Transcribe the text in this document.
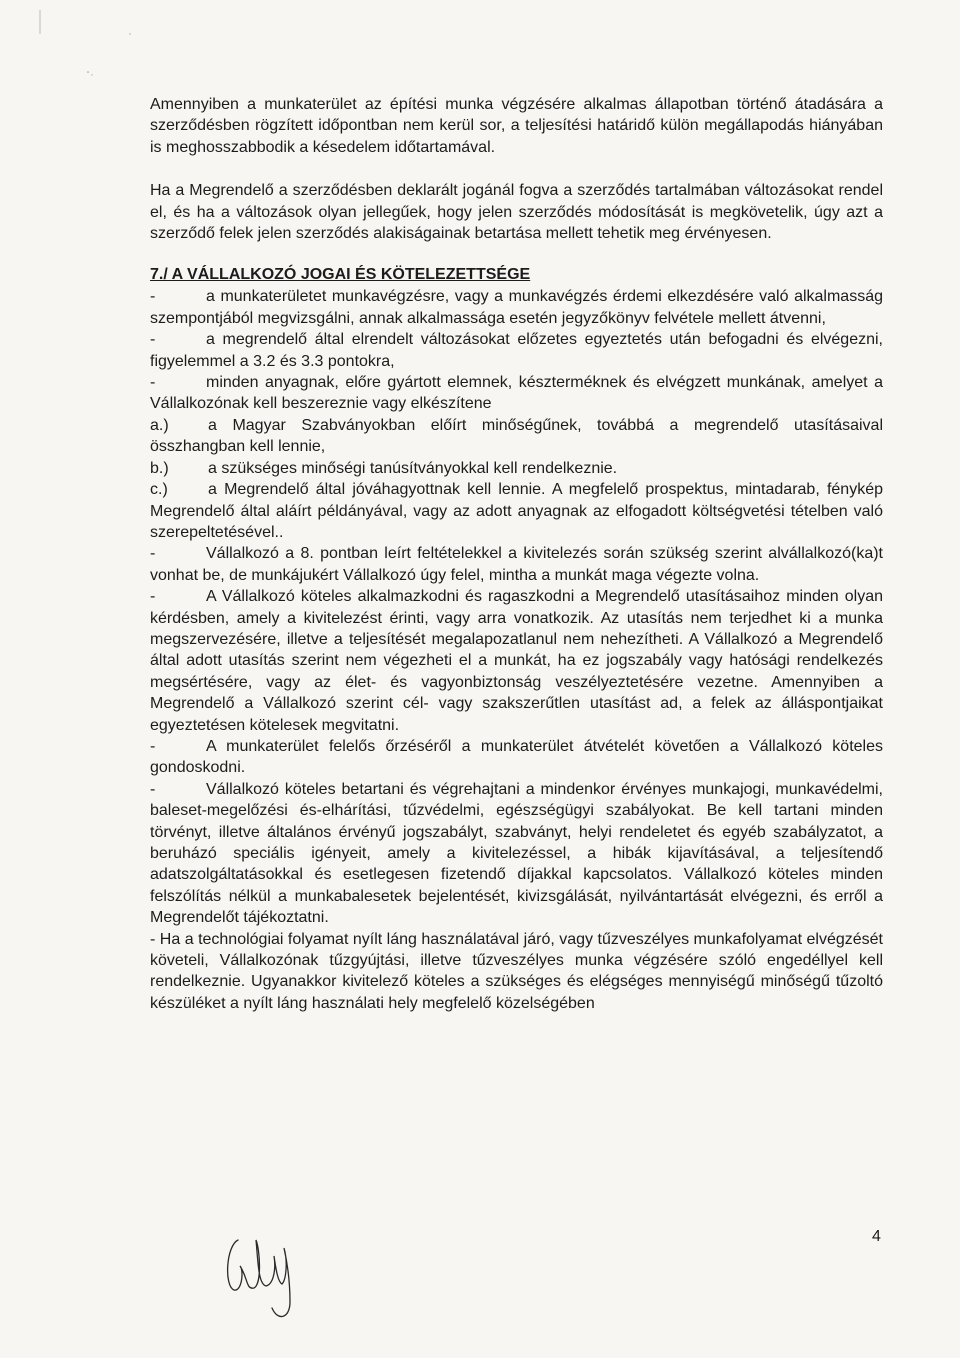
Amennyiben a munkaterület az építési munka végzésére alkalmas állapotban történő átadására a szerződésben rögzített időpontban nem kerül sor, a teljesítési határidő külön megállapodás hiányában is meghosszabbodik a késedelem időtartamával.

Ha a Megrendelő a szerződésben deklarált jogánál fogva a szerződés tartalmában változásokat rendel el, és ha a változások olyan jellegűek, hogy jelen szerződés módosítását is megkövetelik, úgy azt a szerződő felek jelen szerződés alakiságainak betartása mellett tehetik meg érvényesen.

7./ A VÁLLALKOZÓ JOGAI ÉS KÖTELEZETTSÉGE

-	a munkaterületet munkavégzésre, vagy a munkavégzés érdemi elkezdésére való alkalmasság szempontjából megvizsgálni, annak alkalmassága esetén jegyzőkönyv felvétele mellett átvenni,

-	a megrendelő által elrendelt változásokat előzetes egyeztetés után befogadni és elvégezni, figyelemmel a 3.2 és 3.3 pontokra,

-	minden anyagnak, előre gyártott elemnek, készterméknek és elvégzett munkának, amelyet a Vállalkozónak kell beszereznie vagy elkészítene

a.) a Magyar Szabványokban előírt minőségűnek, továbbá a megrendelő utasításaival összhangban kell lennie,

b.) a szükséges minőségi tanúsítványokkal kell rendelkeznie.

c.)	a Megrendelő által jóváhagyottnak kell lennie. A megfelelő prospektus, mintadarab, fénykép Megrendelő által aláírt példányával, vagy az adott anyagnak az elfogadott költségvetési tételben való szerepeltetésével..

-	Vállalkozó a 8. pontban leírt feltételekkel a kivitelezés során szükség szerint alvállalkozó(ka)t vonhat be, de munkájukért Vállalkozó úgy felel, mintha a munkát maga végezte volna.

-	A Vállalkozó köteles alkalmazkodni és ragaszkodni a Megrendelő utasításaihoz minden olyan kérdésben, amely a kivitelezést érinti, vagy arra vonatkozik. Az utasítás nem terjedhet ki a munka megszervezésére, illetve a teljesítését megalapozatlanul nem nehezítheti. A Vállalkozó a Megrendelő által adott utasítás szerint nem végezheti el a munkát, ha ez jogszabály vagy hatósági rendelkezés megsértésére, vagy az élet- és vagyonbiztonság veszélyeztetésére vezetne. Amennyiben a Megrendelő a Vállalkozó szerint cél- vagy szakszerűtlen utasítást ad, a felek az álláspontjaikat egyeztetésen kötelesek megvitatni.

-	A munkaterület felelős őrzéséről a munkaterület átvételét követően a Vállalkozó köteles gondoskodni.

-	Vállalkozó köteles betartani és végrehajtani a mindenkor érvényes munkajogi, munkavédelmi, baleset-megelőzési és-elhárítási, tűzvédelmi, egészségügyi szabályokat. Be kell tartani minden törvényt, illetve általános érvényű jogszabályt, szabványt, helyi rendeletet és egyéb szabályzatot, a beruházó speciális igényeit, amely a kivitelezéssel, a hibák kijavításával, a teljesítendő adatszolgáltatásokkal és esetlegesen fizetendő díjakkal kapcsolatos. Vállalkozó köteles minden felszólítás nélkül a munkabalesetek bejelentését, kivizsgálását, nyilvántartását elvégezni, és erről a Megrendelőt tájékoztatni.

- Ha a technológiai folyamat nyílt láng használatával járó, vagy tűzveszélyes munkafolyamat elvégzését követeli, Vállalkozónak tűzgyújtási, illetve tűzveszélyes munka végzésére szóló engedéllyel kell rendelkeznie. Ugyanakkor kivitelező köteles a szükséges és elégséges mennyiségű minőségű tűzoltó készüléket a nyílt láng használati hely megfelelő közelségében

4
